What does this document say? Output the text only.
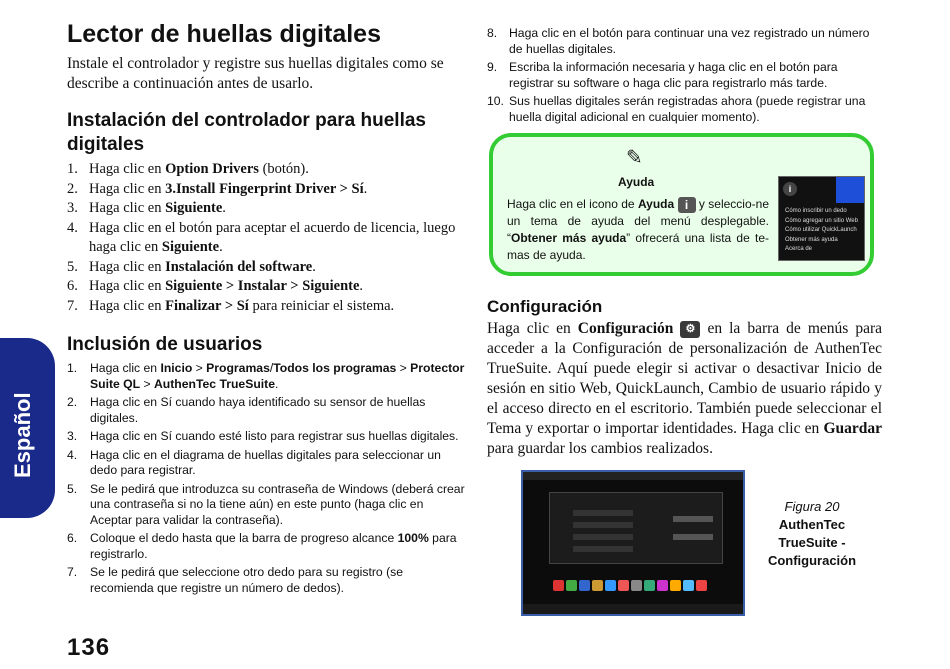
Español
Lector de huellas digitales

Instale el controlador y registre sus huellas digitales como se describe a continuación antes de usarlo.

Instalación del controlador para huellas digitales
1. Haga clic en Option Drivers (botón).
2. Haga clic en 3.Install Fingerprint Driver > Sí.
3. Haga clic en Siguiente.
4. Haga clic en el botón para aceptar el acuerdo de licencia, luego haga clic en Siguiente.
5. Haga clic en Instalación del software.
6. Haga clic en Siguiente > Instalar > Siguiente.
7. Haga clic en Finalizar > Sí para reiniciar el sistema.
Inclusión de usuarios
1. Haga clic en Inicio > Programas/Todos los programas > Protector Suite QL > AuthenTec TrueSuite.
2. Haga clic en Sí cuando haya identificado su sensor de huellas digitales.
3. Haga clic en Sí cuando esté listo para registrar sus huellas digitales.
4. Haga clic en el diagrama de huellas digitales para seleccionar un dedo para registrar.
5. Se le pedirá que introduzca su contraseña de Windows (deberá crear una contraseña si no la tiene aún) en este punto (haga clic en Aceptar para validar la contraseña).
6. Coloque el dedo hasta que la barra de progreso alcance 100% para registrarlo.
7. Se le pedirá que seleccione otro dedo para su registro (se recomienda que registre un número de dedos).
8. Haga clic en el botón para continuar una vez registrado un número de huellas digitales.
9. Escriba la información necesaria y haga clic en el botón para registrar su software o haga clic para registrarlo más tarde.
10. Sus huellas digitales serán registradas ahora (puede registrar una huella digital adicional en cualquier momento).
✎
Ayuda

Haga clic en el icono de Ayuda i y seleccio-ne un tema de ayuda del menú desplegable. “Obtener más ayuda” ofrecerá una lista de te-mas de ayuda.

i
Cómo inscribir un dedo
Cómo agregar un sitio Web
Cómo utilizar QuickLaunch
Obtener más ayuda
Acerca de
Configuración

Haga clic en Configuración ⚙ en la barra de menús para acceder a la Configuración de personalización de AuthenTec TrueSuite. Aquí puede elegir si activar o desactivar Inicio de sesión en sitio Web, QuickLaunch, Cambio de usuario rápido y el acceso directo en el escritorio. También puede seleccionar el Tema y exportar o importar identidades. Haga clic en Guardar para guardar los cambios realizados.

Figura 20
AuthenTec
TrueSuite -
Configuración
136
